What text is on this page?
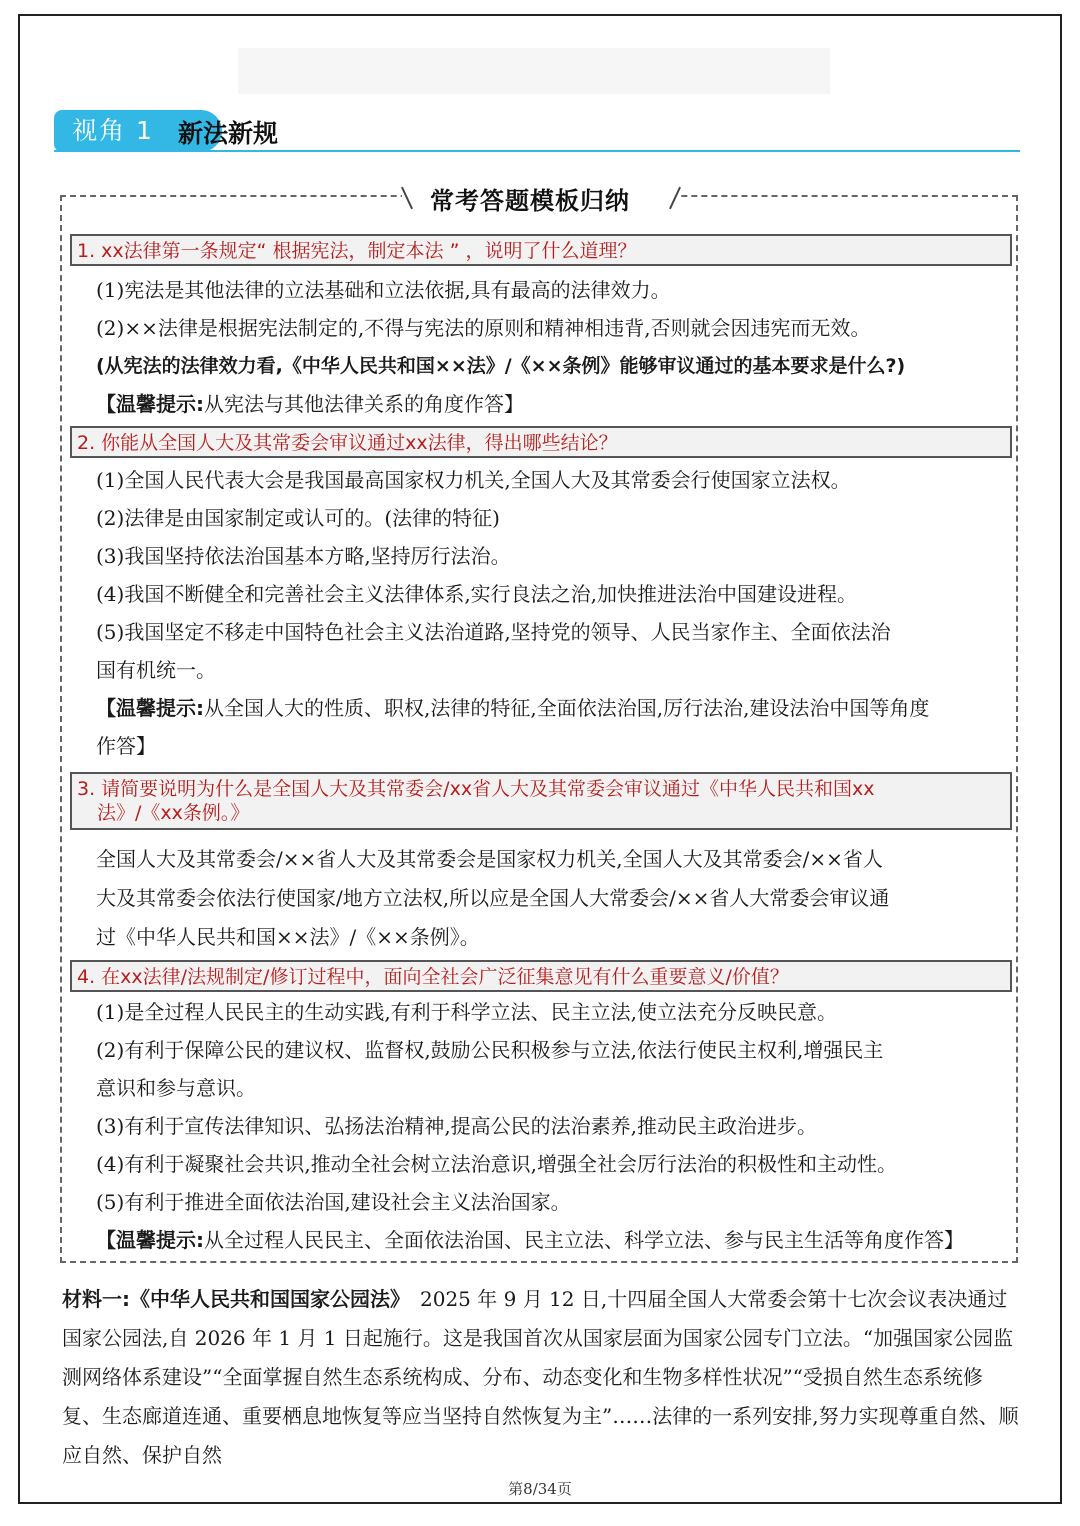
视角 1 新法新规
常考答题模板归纳
1. xx法律第一条规定“ 根据宪法，制定本法 ” ，说明了什么道理？
(1)宪法是其他法律的立法基础和立法依据,具有最高的法律效力。
(2)××法律是根据宪法制定的,不得与宪法的原则和精神相违背,否则就会因违宪而无效。
(从宪法的法律效力看,《中华人民共和国××法》/《××条例》能够审议通过的基本要求是什么?)
【温馨提示:从宪法与其他法律关系的角度作答】
2. 你能从全国人大及其常委会审议通过xx法律，得出哪些结论？
(1)全国人民代表大会是我国最高国家权力机关,全国人大及其常委会行使国家立法权。
(2)法律是由国家制定或认可的。(法律的特征)
(3)我国坚持依法治国基本方略,坚持厉行法治。
(4)我国不断健全和完善社会主义法律体系,实行良法之治,加快推进法治中国建设进程。
(5)我国坚定不移走中国特色社会主义法治道路,坚持党的领导、人民当家作主、全面依法治
国有机统一。
【温馨提示:从全国人大的性质、职权,法律的特征,全面依法治国,厉行法治,建设法治中国等角度
作答】
3. 请简要说明为什么是全国人大及其常委会/xx省人大及其常委会审议通过《中华人民共和国xx
法》/《xx条例。》
全国人大及其常委会/××省人大及其常委会是国家权力机关,全国人大及其常委会/××省人
大及其常委会依法行使国家/地方立法权,所以应是全国人大常委会/××省人大常委会审议通
过《中华人民共和国××法》/《××条例》。
4. 在xx法律/法规制定/修订过程中，面向全社会广泛征集意见有什么重要意义/价值？
(1)是全过程人民民主的生动实践,有利于科学立法、民主立法,使立法充分反映民意。
(2)有利于保障公民的建议权、监督权,鼓励公民积极参与立法,依法行使民主权利,增强民主
意识和参与意识。
(3)有利于宣传法律知识、弘扬法治精神,提高公民的法治素养,推动民主政治进步。
(4)有利于凝聚社会共识,推动全社会树立法治意识,增强全社会厉行法治的积极性和主动性。
(5)有利于推进全面依法治国,建设社会主义法治国家。
【温馨提示:从全过程人民民主、全面依法治国、民主立法、科学立法、参与民主生活等角度作答】
材料一:《中华人民共和国国家公园法》　 2025 年 9 月 12 日,十四届全国人大常委会第十七次会议表决通过国家公园法,自 2026 年 1 月 1 日起施行。这是我国首次从国家层面为国家公园专门立法。“加强国家公园监测网络体系建设”“全面掌握自然生态系统构成、分布、动态变化和生物多样性状况”“受损自然生态系统修复、生态廊道连通、重要栖息地恢复等应当坚持自然恢复为主”……法律的一系列安排,努力实现尊重自然、顺应自然、保护自然
第8/34页
